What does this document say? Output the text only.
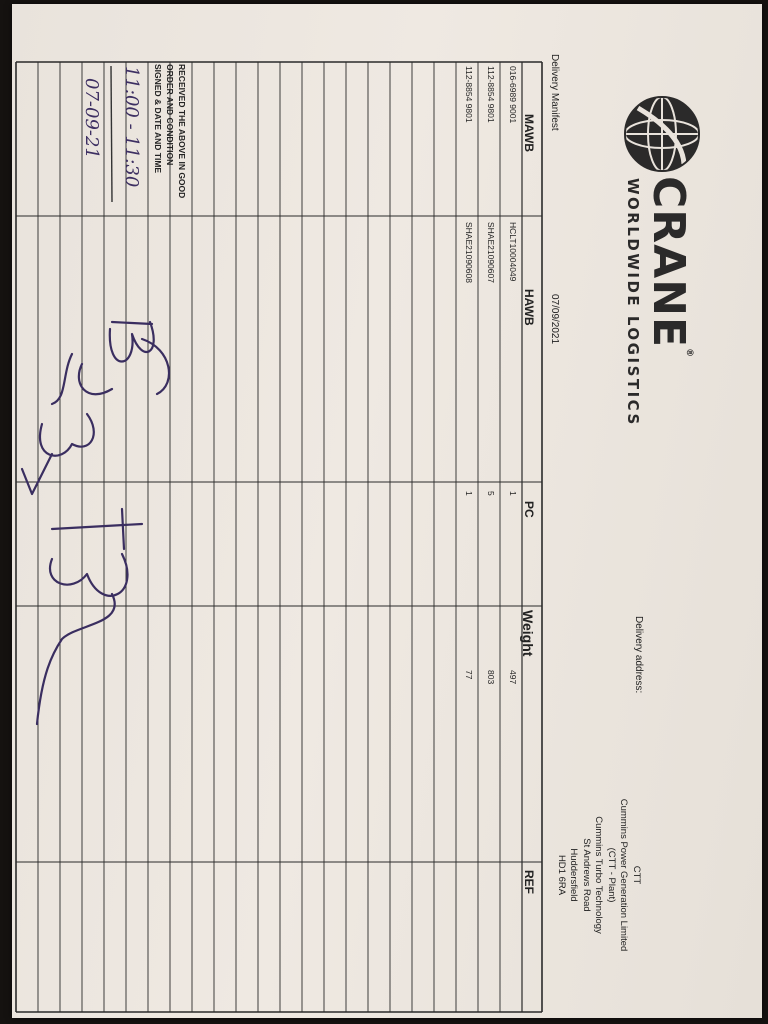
CRANE®
WORLDWIDE LOGISTICS
Delivery address:
CTT
Cummins Power Generation Limited (CTT - Plant)
Cummins Turbo Technology
St Andrews Road
Huddersfield
HD1 6RA
Delivery Manifest
07/09/2021
MAWB
HAWB
PC
Weight
REF
016-6989 9001
HCLT10004049
1
497
112-8854 9801
SHAE21090607
5
803
112-8854 9801
SHAE21090608
1
77
RECEIVED THE ABOVE IN GOOD
ORDER AND CONDITION
SIGNED & DATE AND TIME
11:00 - 11:30
07-09-21
